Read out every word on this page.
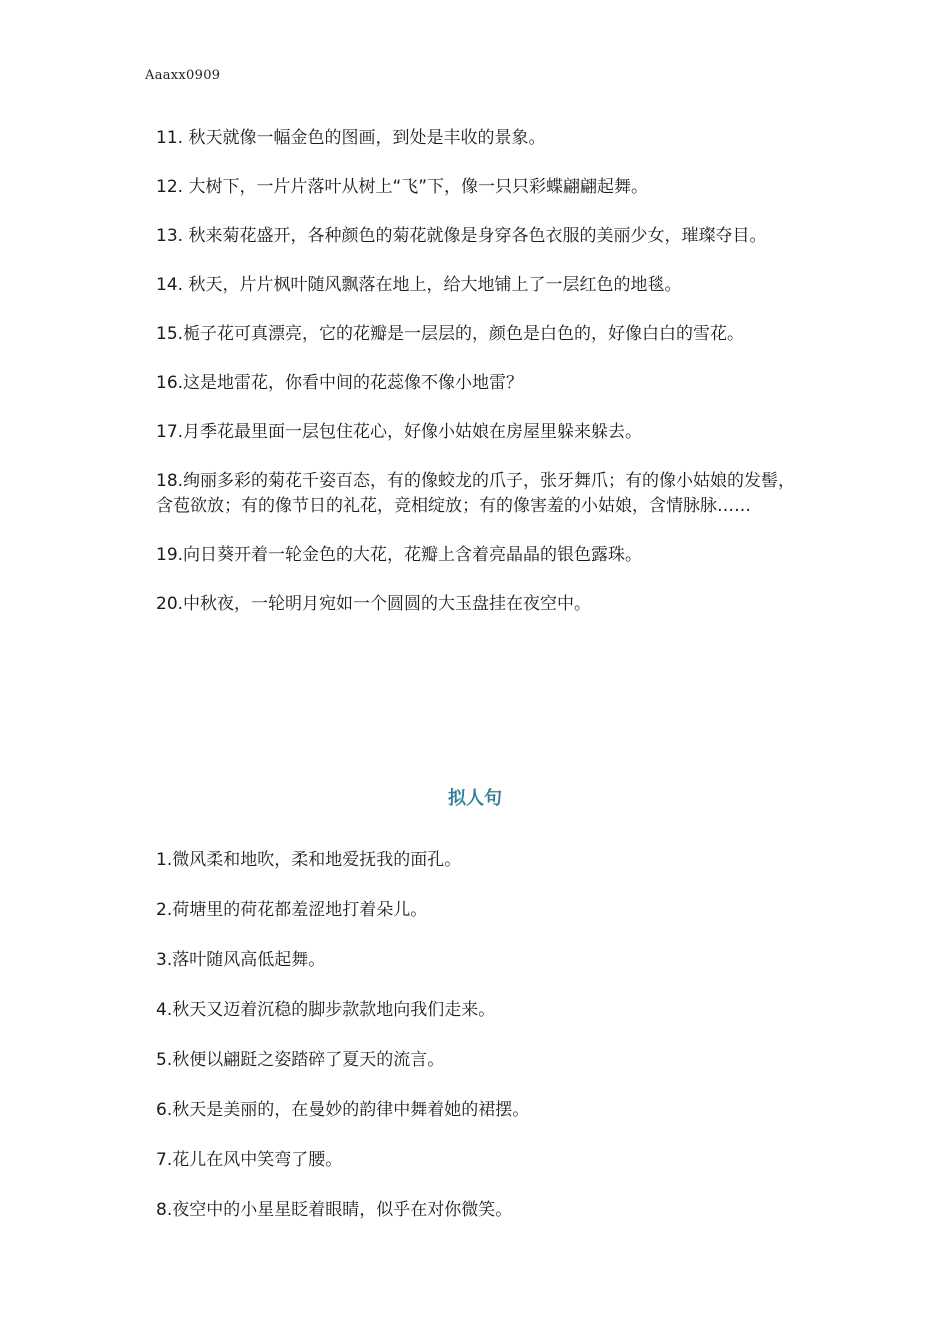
Aaaxx0909

11. 秋天就像一幅金色的图画，到处是丰收的景象。

12. 大树下，一片片落叶从树上“飞”下，像一只只彩蝶翩翩起舞。

13. 秋来菊花盛开，各种颜色的菊花就像是身穿各色衣服的美丽少女，璀璨夺目。

14. 秋天，片片枫叶随风飘落在地上，给大地铺上了一层红色的地毯。

15.栀子花可真漂亮，它的花瓣是一层层的，颜色是白色的，好像白白的雪花。

16.这是地雷花，你看中间的花蕊像不像小地雷？

17.月季花最里面一层包住花心，好像小姑娘在房屋里躲来躲去。

18.绚丽多彩的菊花千姿百态，有的像蛟龙的爪子，张牙舞爪；有的像小姑娘的发髻，含苞欲放；有的像节日的礼花，竞相绽放；有的像害羞的小姑娘，含情脉脉……

19.向日葵开着一轮金色的大花，花瓣上含着亮晶晶的银色露珠。

20.中秋夜，一轮明月宛如一个圆圆的大玉盘挂在夜空中。

拟人句

1.微风柔和地吹，柔和地爱抚我的面孔。

2.荷塘里的荷花都羞涩地打着朵儿。

3.落叶随风高低起舞。

4.秋天又迈着沉稳的脚步款款地向我们走来。

5.秋便以翩跹之姿踏碎了夏天的流言。

6.秋天是美丽的，在曼妙的韵律中舞着她的裙摆。

7.花儿在风中笑弯了腰。

8.夜空中的小星星眨着眼睛，似乎在对你微笑。
